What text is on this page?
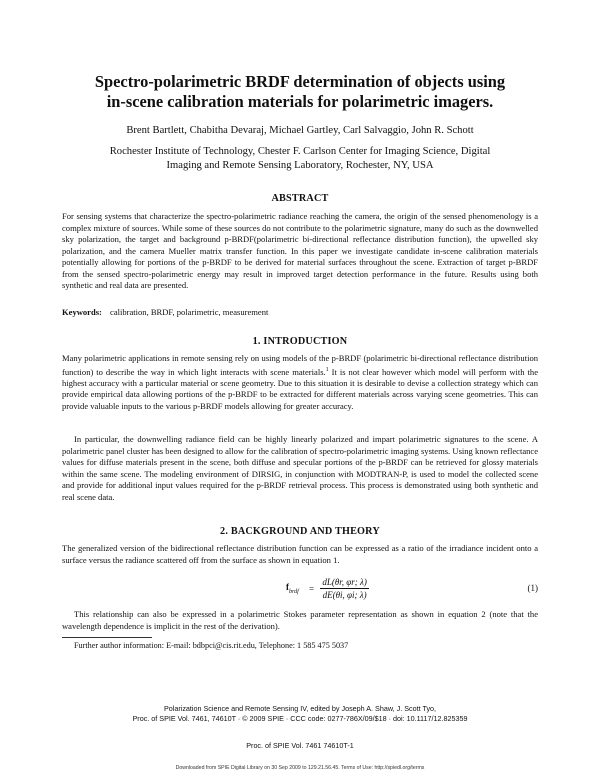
Spectro-polarimetric BRDF determination of objects using
in-scene calibration materials for polarimetric imagers.
Brent Bartlett, Chabitha Devaraj, Michael Gartley, Carl Salvaggio, John R. Schott
Rochester Institute of Technology, Chester F. Carlson Center for Imaging Science, Digital
Imaging and Remote Sensing Laboratory, Rochester, NY, USA
ABSTRACT

For sensing systems that characterize the spectro-polarimetric radiance reaching the camera, the origin of the sensed phenomenology is a complex mixture of sources. While some of these sources do not contribute to the polarimetric signature, many do such as the downwelled sky polarization, the target and background p-BRDF(polarimetric bi-directional reflectance distribution function), the upwelled sky polarization, and the camera Mueller matrix transfer function. In this paper we investigate candidate in-scene calibration materials potentially allowing for portions of the p-BRDF to be derived for material surfaces throughout the scene. Extraction of target p-BRDF from the sensed spectro-polarimetric energy may result in improved target detection performance in the future. Results using both synthetic and real data are presented.

Keywords: calibration, BRDF, polarimetric, measurement
1. INTRODUCTION

Many polarimetric applications in remote sensing rely on using models of the p-BRDF (polarimetric bi-directional reflectance distribution function) to describe the way in which light interacts with scene materials.$^1$ It is not clear however which model will perform with the highest accuracy with a particular material or scene geometry. Due to this situation it is desirable to devise a collection strategy which can provide empirical data allowing portions of the p-BRDF to be extracted for different materials across varying scene geometries. This can provide valuable inputs to the various p-BRDF models allowing for greater accuracy.

In particular, the downwelling radiance field can be highly linearly polarized and impart polarimetric signatures to the scene. A polarimetric panel cluster has been designed to allow for the calibration of spectro-polarimetric imaging systems. Using known reflectance values for diffuse materials present in the scene, both diffuse and specular portions of the p-BRDF can be retrieved for glossy materials within the same scene. The modeling environment of DIRSIG, in conjunction with MODTRAN-P, is used to model the collected scene and provide for additional input values required for the p-BRDF retrieval process. This process is demonstrated using both synthetic and real scene data.

2. BACKGROUND AND THEORY

The generalized version of the bidirectional reflectance distribution function can be expressed as a ratio of the irradiance incident onto a surface versus the radiance scattered off from the surface as shown in equation 1.

$f_{brdf} = \frac{dL(\theta r, \varphi r; \lambda)}{dE(\theta i, \varphi i; \lambda)}$	(1)

This relationship can also be expressed in a polarimetric Stokes parameter representation as shown in equation 2 (note that the wavelength dependence is implicit in the rest of the derivation).

Further author information: E-mail: bdbpci@cis.rit.edu, Telephone: 1 585 475 5037
Polarization Science and Remote Sensing IV, edited by Joseph A. Shaw, J. Scott Tyo,
Proc. of SPIE Vol. 7461, 74610T · © 2009 SPIE · CCC code: 0277-786X/09/$18 · doi: 10.1117/12.825359
Proc. of SPIE Vol. 7461 74610T-1
Downloaded from SPIE Digital Library on 30 Sep 2009 to 129.21.56.45. Terms of Use: http://spiedl.org/terms
